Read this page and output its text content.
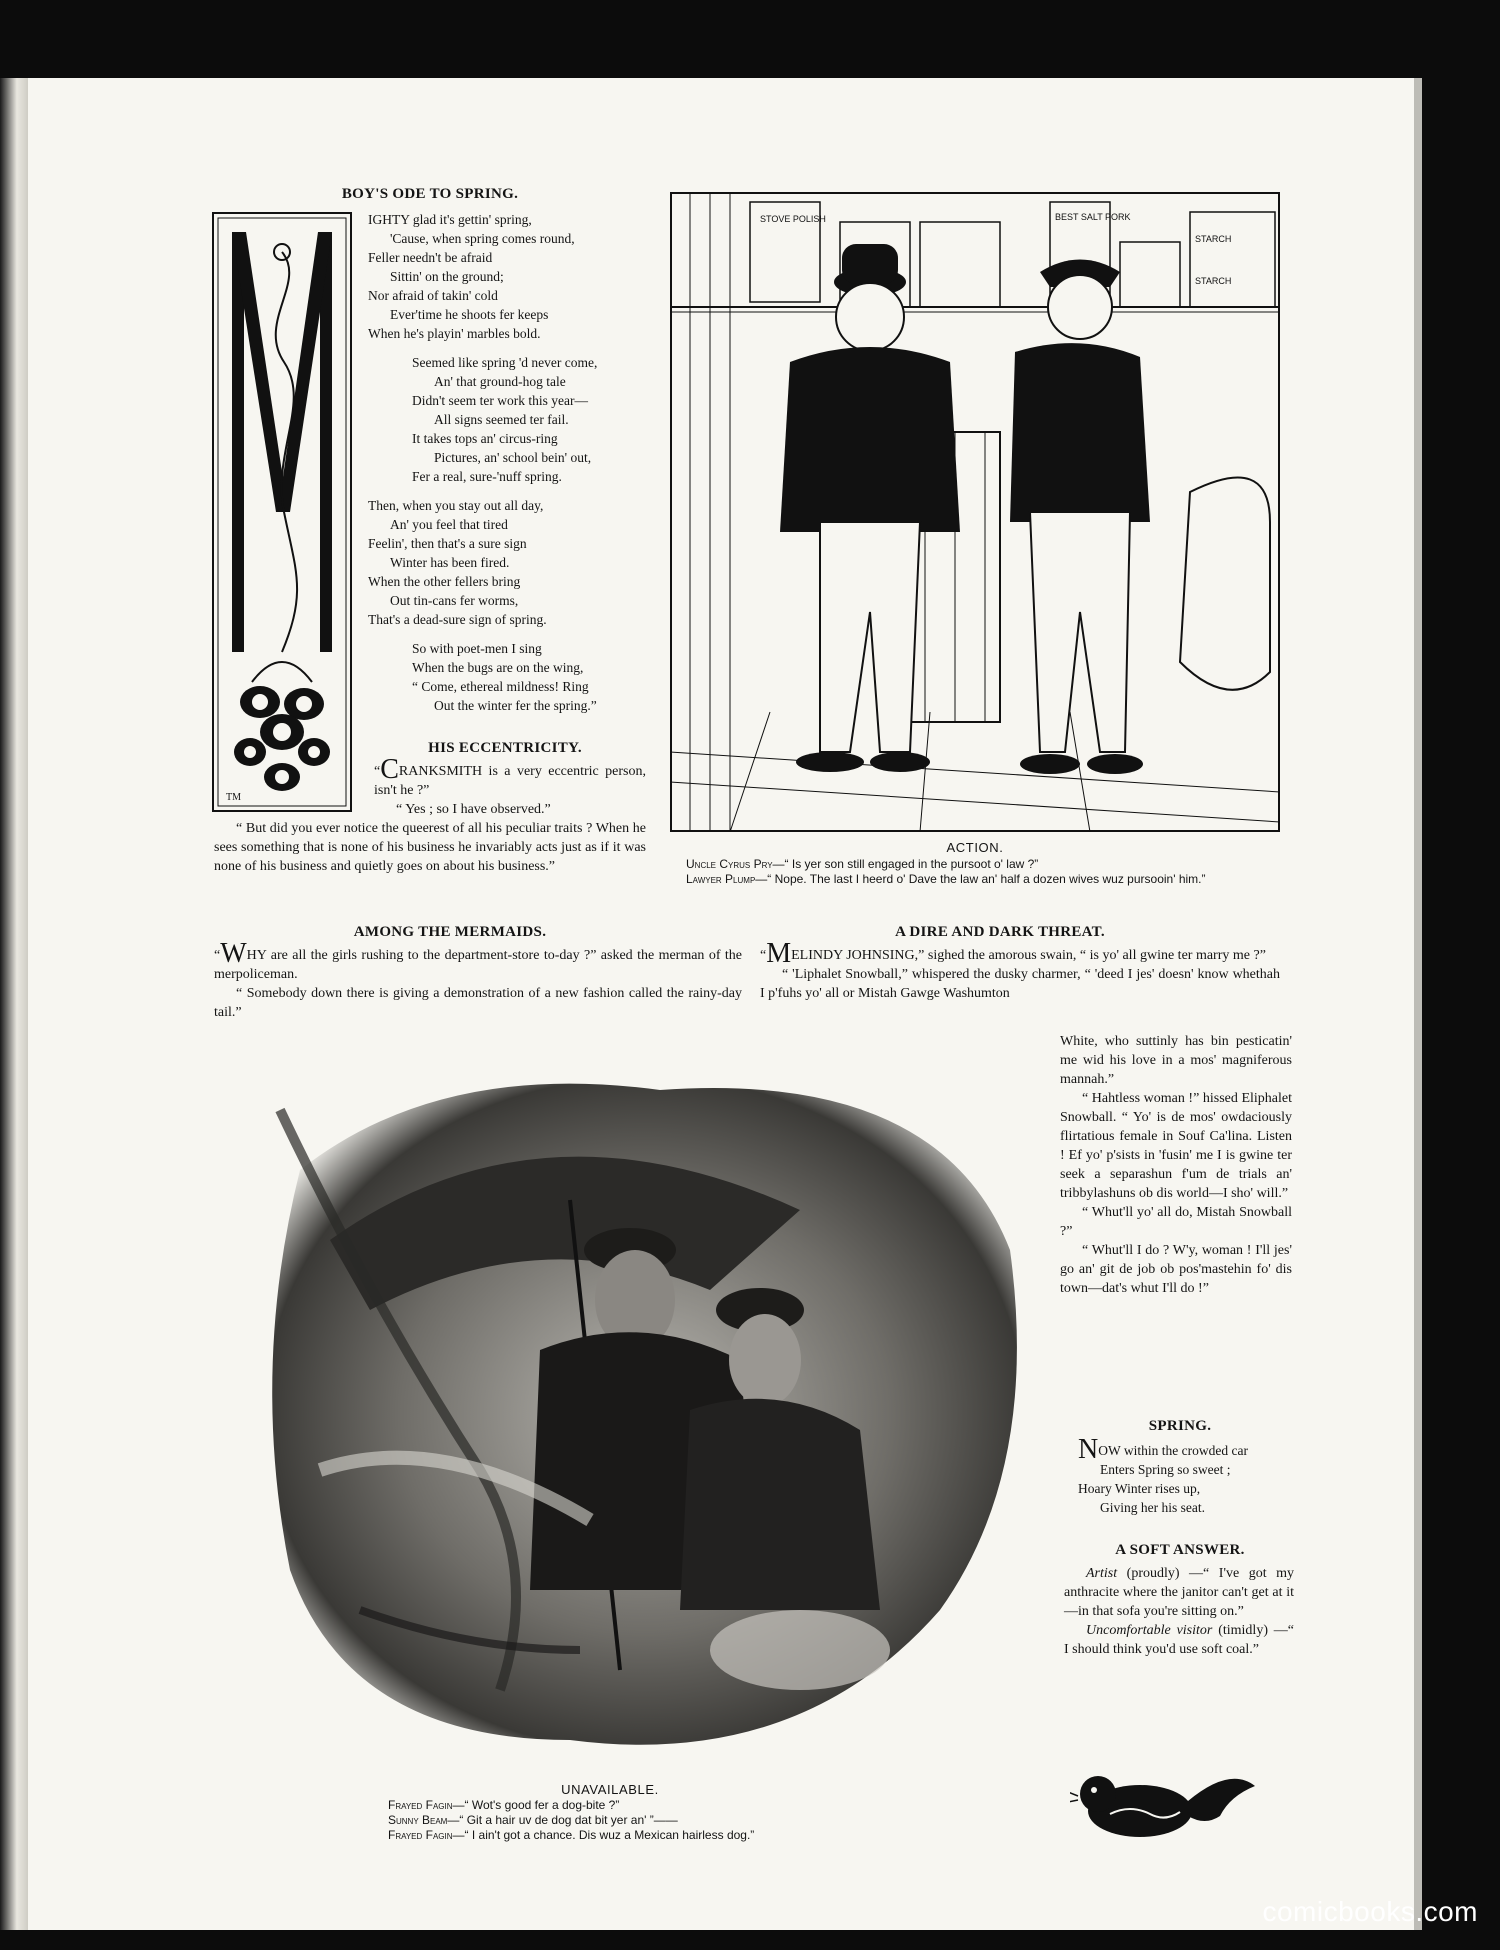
BOY'S ODE TO SPRING.
TM

IGHTY glad it's gettin' spring,

'Cause, when spring comes round,

Feller needn't be afraid

Sittin' on the ground;

Nor afraid of takin' cold

Ever'time he shoots fer keeps

When he's playin' marbles bold.

Seemed like spring 'd never come,

An' that ground-hog tale

Didn't seem ter work this year—

All signs seemed ter fail.

It takes tops an' circus-ring

Pictures, an' school bein' out,

Fer a real, sure-'nuff spring.

Then, when you stay out all day,

An' you feel that tired

Feelin', then that's a sure sign

Winter has been fired.

When the other fellers bring

Out tin-cans fer worms,

That's a dead-sure sign of spring.

So with poet-men I sing

When the bugs are on the wing,

“ Come, ethereal mildness! Ring

Out the winter fer the spring.”

HIS ECCENTRICITY.

“CRANKSMITH is a very eccentric person, isn't he ?”

“ Yes ; so I have observed.”

“ But did you ever notice the queerest of all his peculiar traits ? When he sees something that is none of his business he invariably acts just as if it was none of his business and quietly goes on about his business.”

STOVE POLISH	BEST SALT PORK
STARCH
STARCH
ACTION.
Uncle Cyrus Pry—“ Is yer son still engaged in the pursoot o' law ?”
Lawyer Plump—“ Nope. The last I heerd o' Dave the law an' half a dozen wives wuz pursooin' him.”
AMONG THE MERMAIDS.

“WHY are all the girls rushing to the department-store to-day ?” asked the merman of the merpoliceman.

“ Somebody down there is giving a demonstration of a new fashion called the rainy-day tail.”

A DIRE AND DARK THREAT.

“MELINDY JOHNSING,” sighed the amorous swain, “ is yo' all gwine ter marry me ?”

“ 'Liphalet Snowball,” whispered the dusky charmer, “ 'deed I jes' doesn' know whethah I p'fuhs yo' all or Mistah Gawge Washumton

White, who suttinly has bin pesticatin' me wid his love in a mos' magniferous mannah.”

“ Hahtless woman !” hissed Eliphalet Snowball. “ Yo' is de mos' owdaciously flirtatious female in Souf Ca'lina. Listen ! Ef yo' p'sists in 'fusin' me I is gwine ter seek a separashun f'um de trials an' tribbylashuns ob dis world—I sho' will.”

“ Whut'll yo' all do, Mistah Snowball ?”

“ Whut'll I do ? W'y, woman ! I'll jes' go an' git de job ob pos'mastehin fo' dis town—dat's whut I'll do !”

UNAVAILABLE.
Frayed Fagin—“ Wot's good fer a dog-bite ?”
Sunny Beam—“ Git a hair uv de dog dat bit yer an' ”——
Frayed Fagin—“ I ain't got a chance. Dis wuz a Mexican hairless dog.”
SPRING.

NOW within the crowded car

Enters Spring so sweet ;

Hoary Winter rises up,

Giving her his seat.

A SOFT ANSWER.

Artist (proudly) —“ I've got my anthracite where the janitor can't get at it—in that sofa you're sitting on.”

Uncomfortable visitor (timidly) —“ I should think you'd use soft coal.”

comicbooks.com
